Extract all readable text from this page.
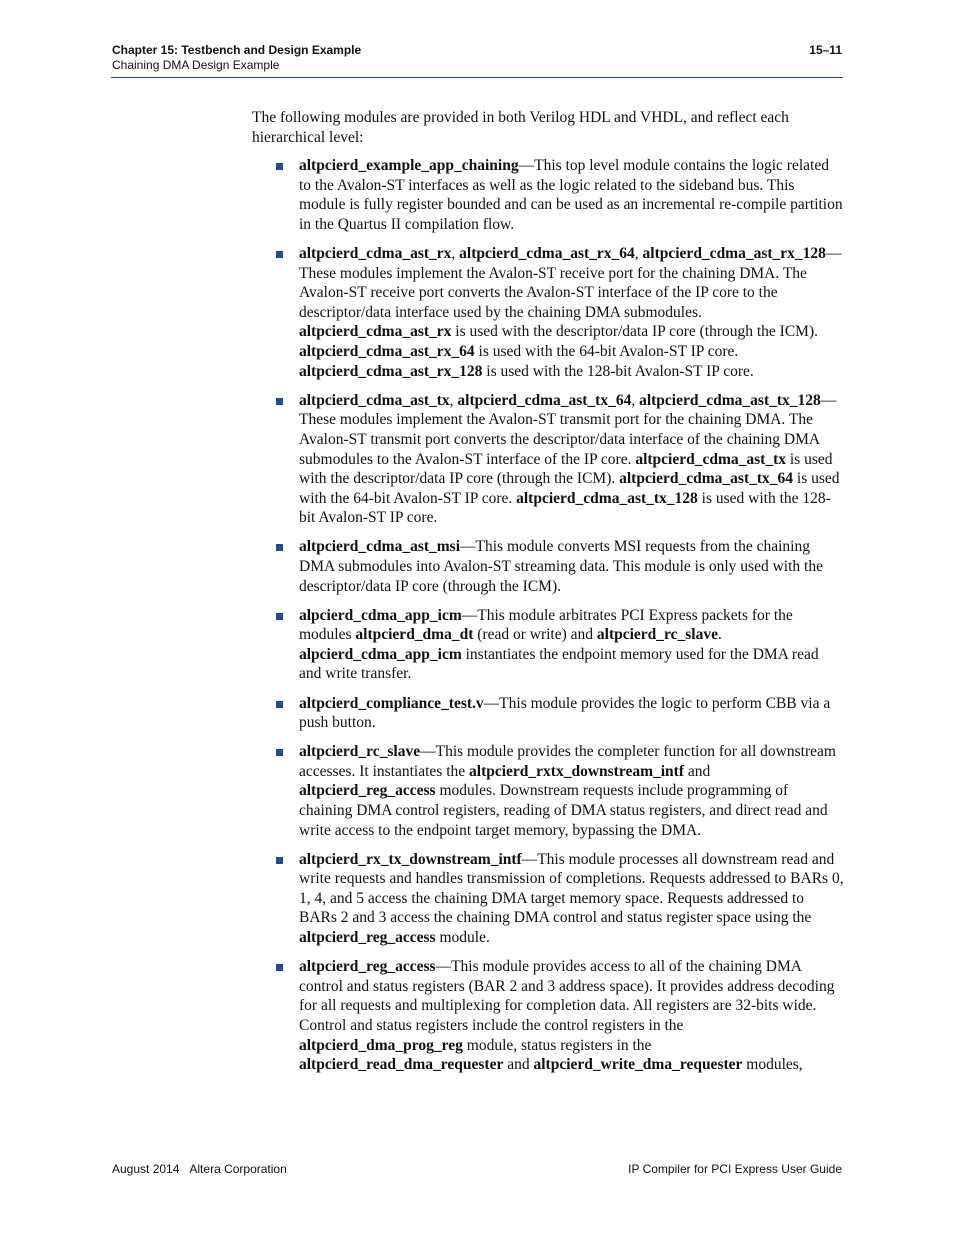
Chapter 15: Testbench and Design Example
Chaining DMA Design Example
15–11

The following modules are provided in both Verilog HDL and VHDL, and reflect each hierarchical level:

altpcierd_example_app_chaining—This top level module contains the logic related to the Avalon-ST interfaces as well as the logic related to the sideband bus. This module is fully register bounded and can be used as an incremental re-compile partition in the Quartus II compilation flow.

altpcierd_cdma_ast_rx, altpcierd_cdma_ast_rx_64, altpcierd_cdma_ast_rx_128—These modules implement the Avalon-ST receive port for the chaining DMA. The Avalon-ST receive port converts the Avalon-ST interface of the IP core to the descriptor/data interface used by the chaining DMA submodules. altpcierd_cdma_ast_rx is used with the descriptor/data IP core (through the ICM). altpcierd_cdma_ast_rx_64 is used with the 64-bit Avalon-ST IP core. altpcierd_cdma_ast_rx_128 is used with the 128-bit Avalon-ST IP core.

altpcierd_cdma_ast_tx, altpcierd_cdma_ast_tx_64, altpcierd_cdma_ast_tx_128—These modules implement the Avalon-ST transmit port for the chaining DMA. The Avalon-ST transmit port converts the descriptor/data interface of the chaining DMA submodules to the Avalon-ST interface of the IP core. altpcierd_cdma_ast_tx is used with the descriptor/data IP core (through the ICM). altpcierd_cdma_ast_tx_64 is used with the 64-bit Avalon-ST IP core. altpcierd_cdma_ast_tx_128 is used with the 128-bit Avalon-ST IP core.

altpcierd_cdma_ast_msi—This module converts MSI requests from the chaining DMA submodules into Avalon-ST streaming data. This module is only used with the descriptor/data IP core (through the ICM).

alpcierd_cdma_app_icm—This module arbitrates PCI Express packets for the modules altpcierd_dma_dt (read or write) and altpcierd_rc_slave. alpcierd_cdma_app_icm instantiates the endpoint memory used for the DMA read and write transfer.

altpcierd_compliance_test.v—This module provides the logic to perform CBB via a push button.

altpcierd_rc_slave—This module provides the completer function for all downstream accesses. It instantiates the altpcierd_rxtx_downstream_intf and altpcierd_reg_access modules. Downstream requests include programming of chaining DMA control registers, reading of DMA status registers, and direct read and write access to the endpoint target memory, bypassing the DMA.

altpcierd_rx_tx_downstream_intf—This module processes all downstream read and write requests and handles transmission of completions. Requests addressed to BARs 0, 1, 4, and 5 access the chaining DMA target memory space. Requests addressed to BARs 2 and 3 access the chaining DMA control and status register space using the altpcierd_reg_access module.

altpcierd_reg_access—This module provides access to all of the chaining DMA control and status registers (BAR 2 and 3 address space). It provides address decoding for all requests and multiplexing for completion data. All registers are 32-bits wide. Control and status registers include the control registers in the altpcierd_dma_prog_reg module, status registers in the altpcierd_read_dma_requester and altpcierd_write_dma_requester modules,

August 2014 Altera Corporation	IP Compiler for PCI Express User Guide
